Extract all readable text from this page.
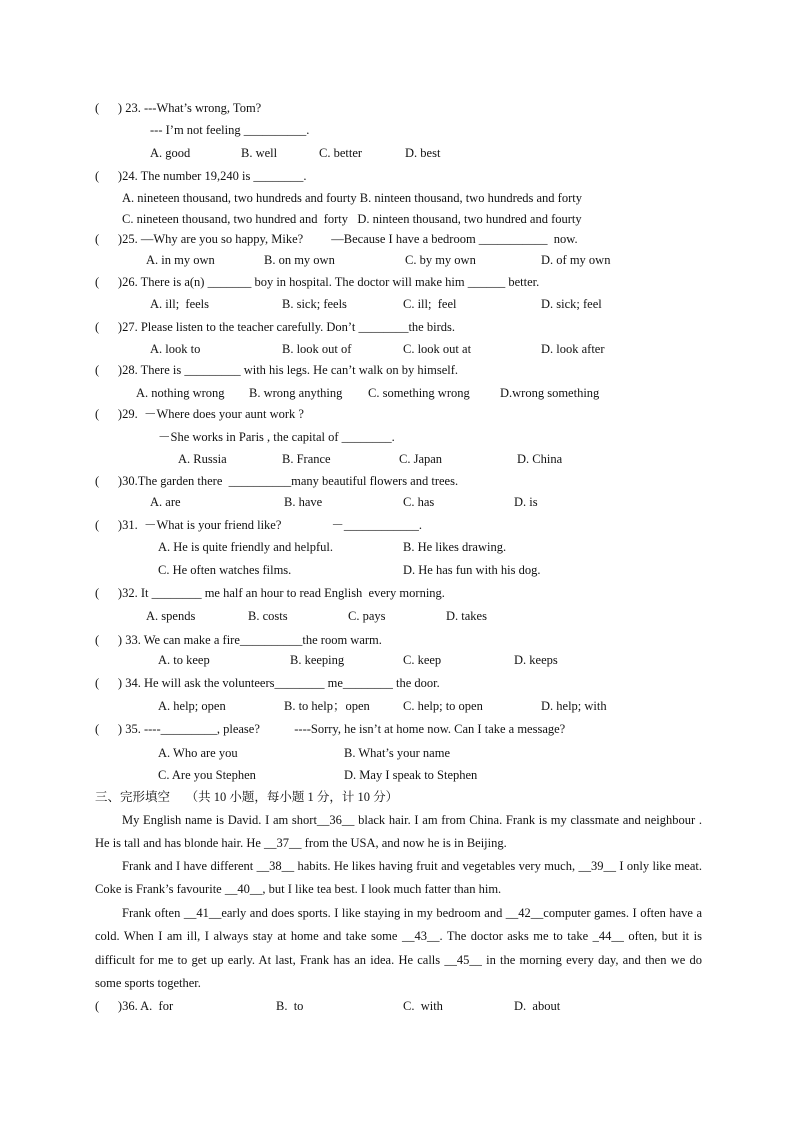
(      ) 23. ---What’s wrong, Tom?
--- I’m not feeling __________.
A. good	B. well	C. better	D. best
(      )24. The number 19,240 is ________.
A. nineteen thousand, two hundreds and fourty B. ninteen thousand, two hundreds and forty
C. nineteen thousand, two hundred and  forty   D. ninteen thousand, two hundred and fourty
(      )25. —Why are you so happy, Mike?         —Because I have a bedroom ___________  now.
A. in my own	B. on my own	C. by my own	D. of my own
(      )26. There is a(n) _______ boy in hospital. The doctor will make him ______ better.
A. ill;  feels	B. sick; feels	C. ill;  feel	D. sick; feel
(      )27. Please listen to the teacher carefully. Don’t ________the birds.
A. look to	B. look out of	C. look out at	D. look after
(      )28. There is _________ with his legs. He can’t walk on by himself.
A. nothing wrong B. wrong anything C. something wrong D.wrong something
(      )29.  －Where does your aunt work ?
－She works in Paris , the capital of ________.
A. Russia	B. France	C. Japan	D. China
(      )30.The garden there  __________many beautiful flowers and trees.
A. are	B. have	C. has	D. is
(      )31.  －What is your friend like?                －____________.
A. He is quite friendly and helpful.	B. He likes drawing.
C. He often watches films.	D. He has fun with his dog.
(      )32. It ________ me half an hour to read English  every morning.
A. spends	B. costs	C. pays	D. takes
(      ) 33. We can make a fire__________the room warm.
A. to keep	B. keeping	C. keep	D. keeps
(      ) 34. He will ask the volunteers________ me________ the door.
A. help; open	B. to help；open	C. help; to open	D. help; with
(      ) 35. ----_________, please?           ----Sorry, he isn’t at home now. Can I take a message?
A. Who are you	B. What’s your name
C. Are you Stephen	D. May I speak to Stephen
三、完形填空     （共 10 小题，每小题 1 分，计 10 分）
My English name is David. I am short__36__ black hair. I am from China. Frank is my classmate and neighbour . He is tall and has blonde hair. He __37__ from the USA, and now he is in Beijing.
Frank and I have different __38__ habits. He likes having fruit and vegetables very much, __39__ I only like meat. Coke is Frank’s favourite __40__, but I like tea best. I look much fatter than him.
Frank often __41__early and does sports. I like staying in my bedroom and __42__computer games. I often have a cold. When I am ill, I always stay at home and take some __43__. The doctor asks me to take _44__ often, but it is difficult for me to get up early. At last, Frank has an idea. He calls __45__ in the morning every day, and then we do some sports together.
(      )36. A.  for	B.  to	C.  with	D.  about
